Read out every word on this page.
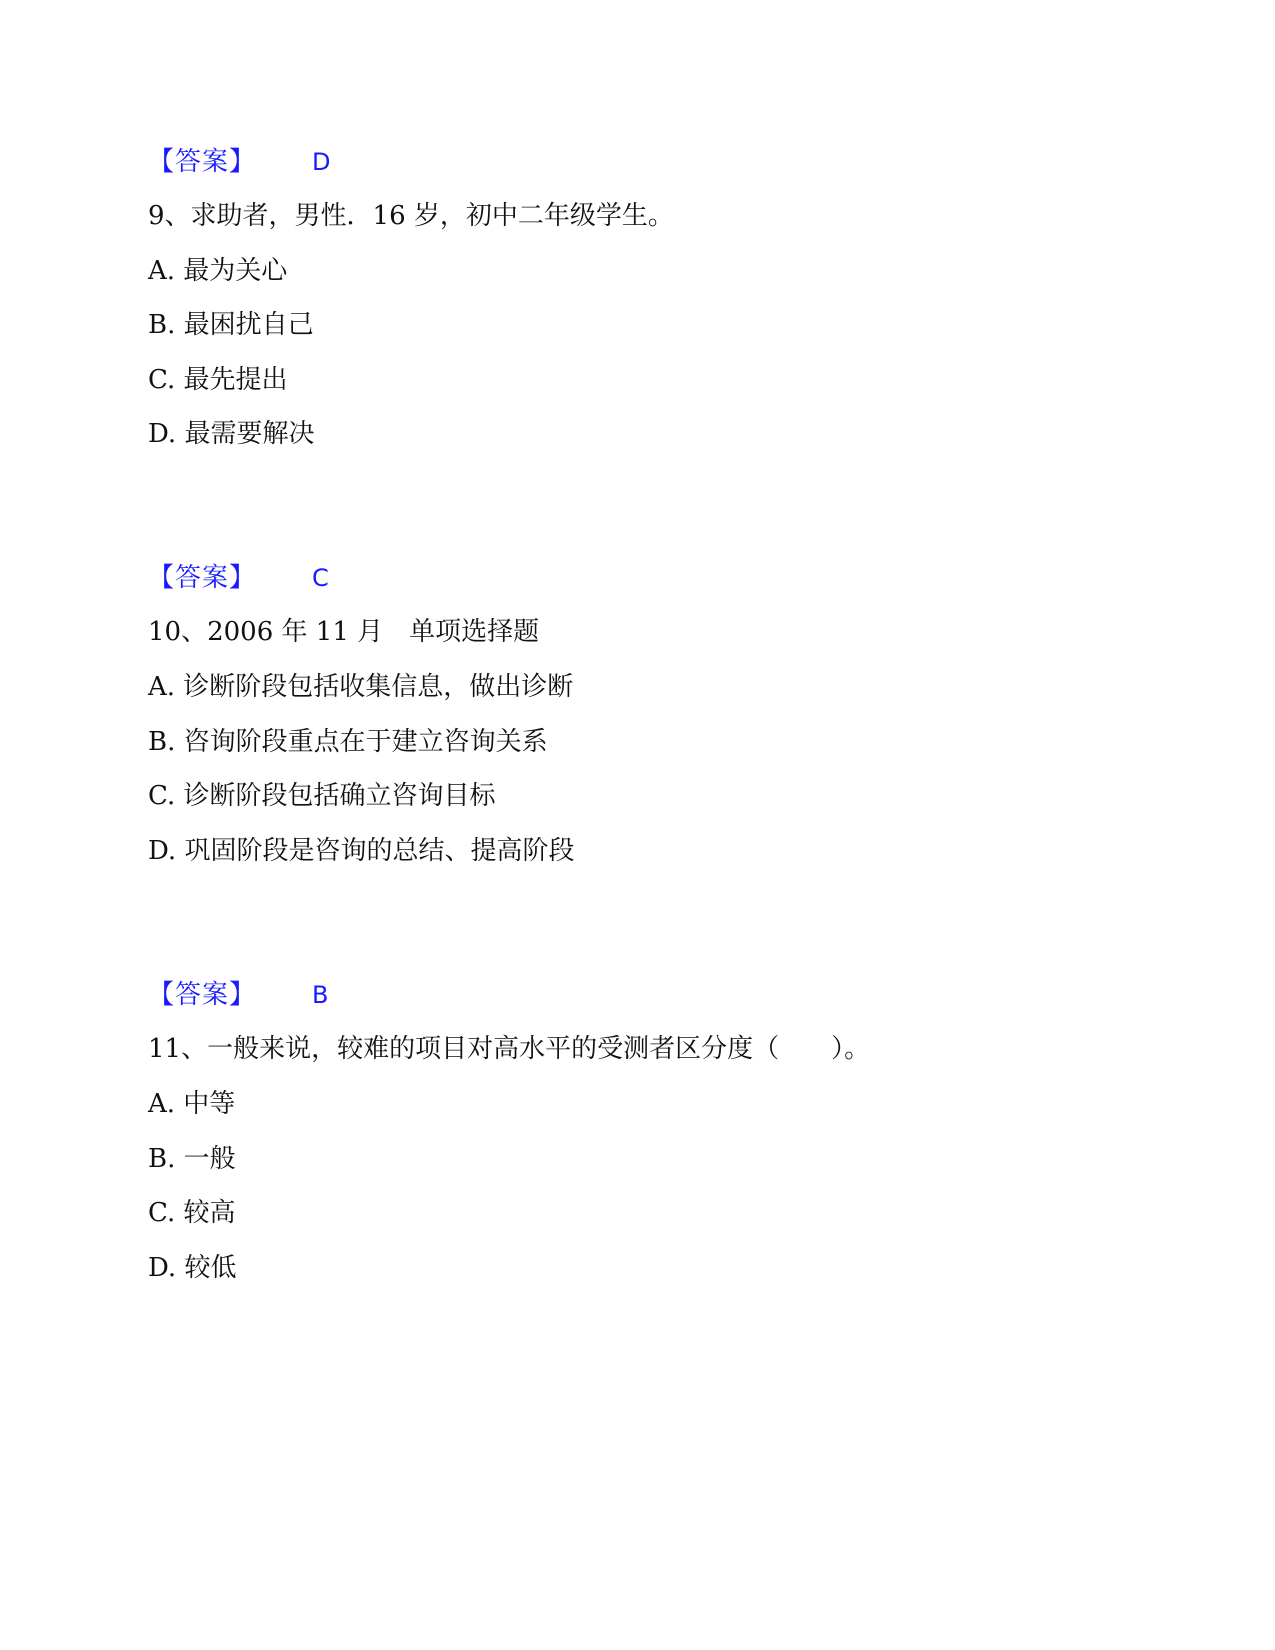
【答案】 D
9、求助者，男性．16 岁，初中二年级学生。
A. 最为关心
B. 最困扰自己
C. 最先提出
D. 最需要解决
【答案】 C
10、2006 年 11 月　单项选择题
A. 诊断阶段包括收集信息，做出诊断
B. 咨询阶段重点在于建立咨询关系
C. 诊断阶段包括确立咨询目标
D. 巩固阶段是咨询的总结、提高阶段
【答案】 B
11、一般来说，较难的项目对高水平的受测者区分度（　　）。
A. 中等
B. 一般
C. 较高
D. 较低
